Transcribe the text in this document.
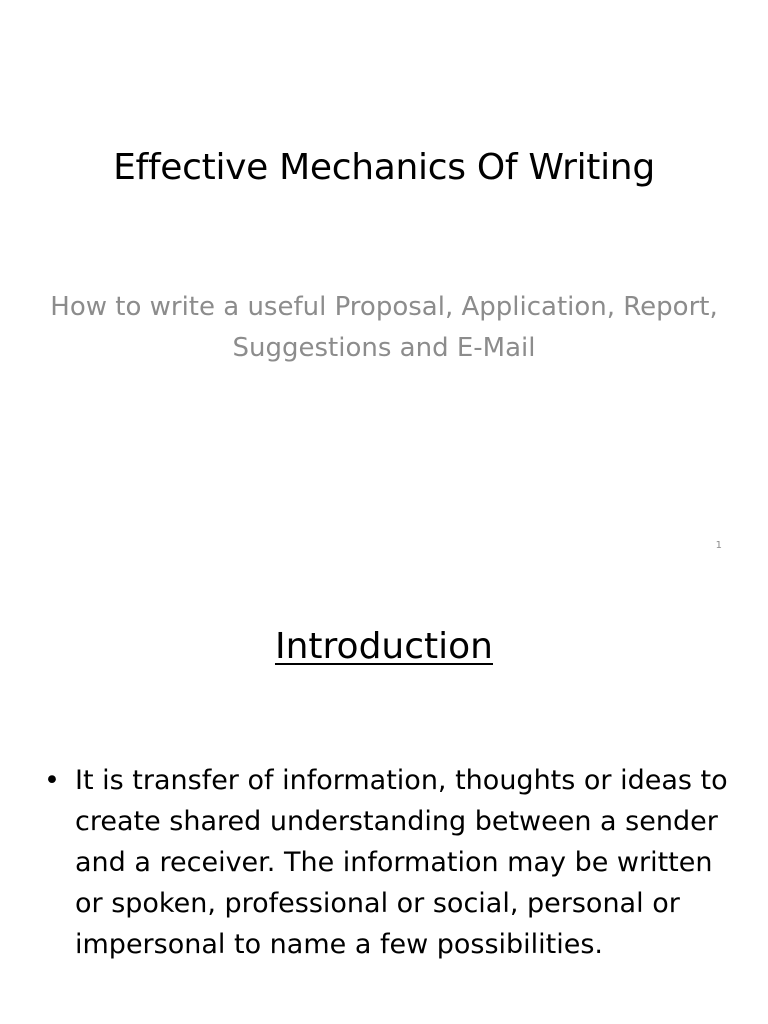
Effective Mechanics Of Writing

How to write a useful Proposal, Application, Report, Suggestions and E-Mail

1
Introduction
• It is transfer of information, thoughts or ideas to create shared understanding between a sender and a receiver. The information may be written or spoken, professional or social, personal or impersonal to name a few possibilities.
